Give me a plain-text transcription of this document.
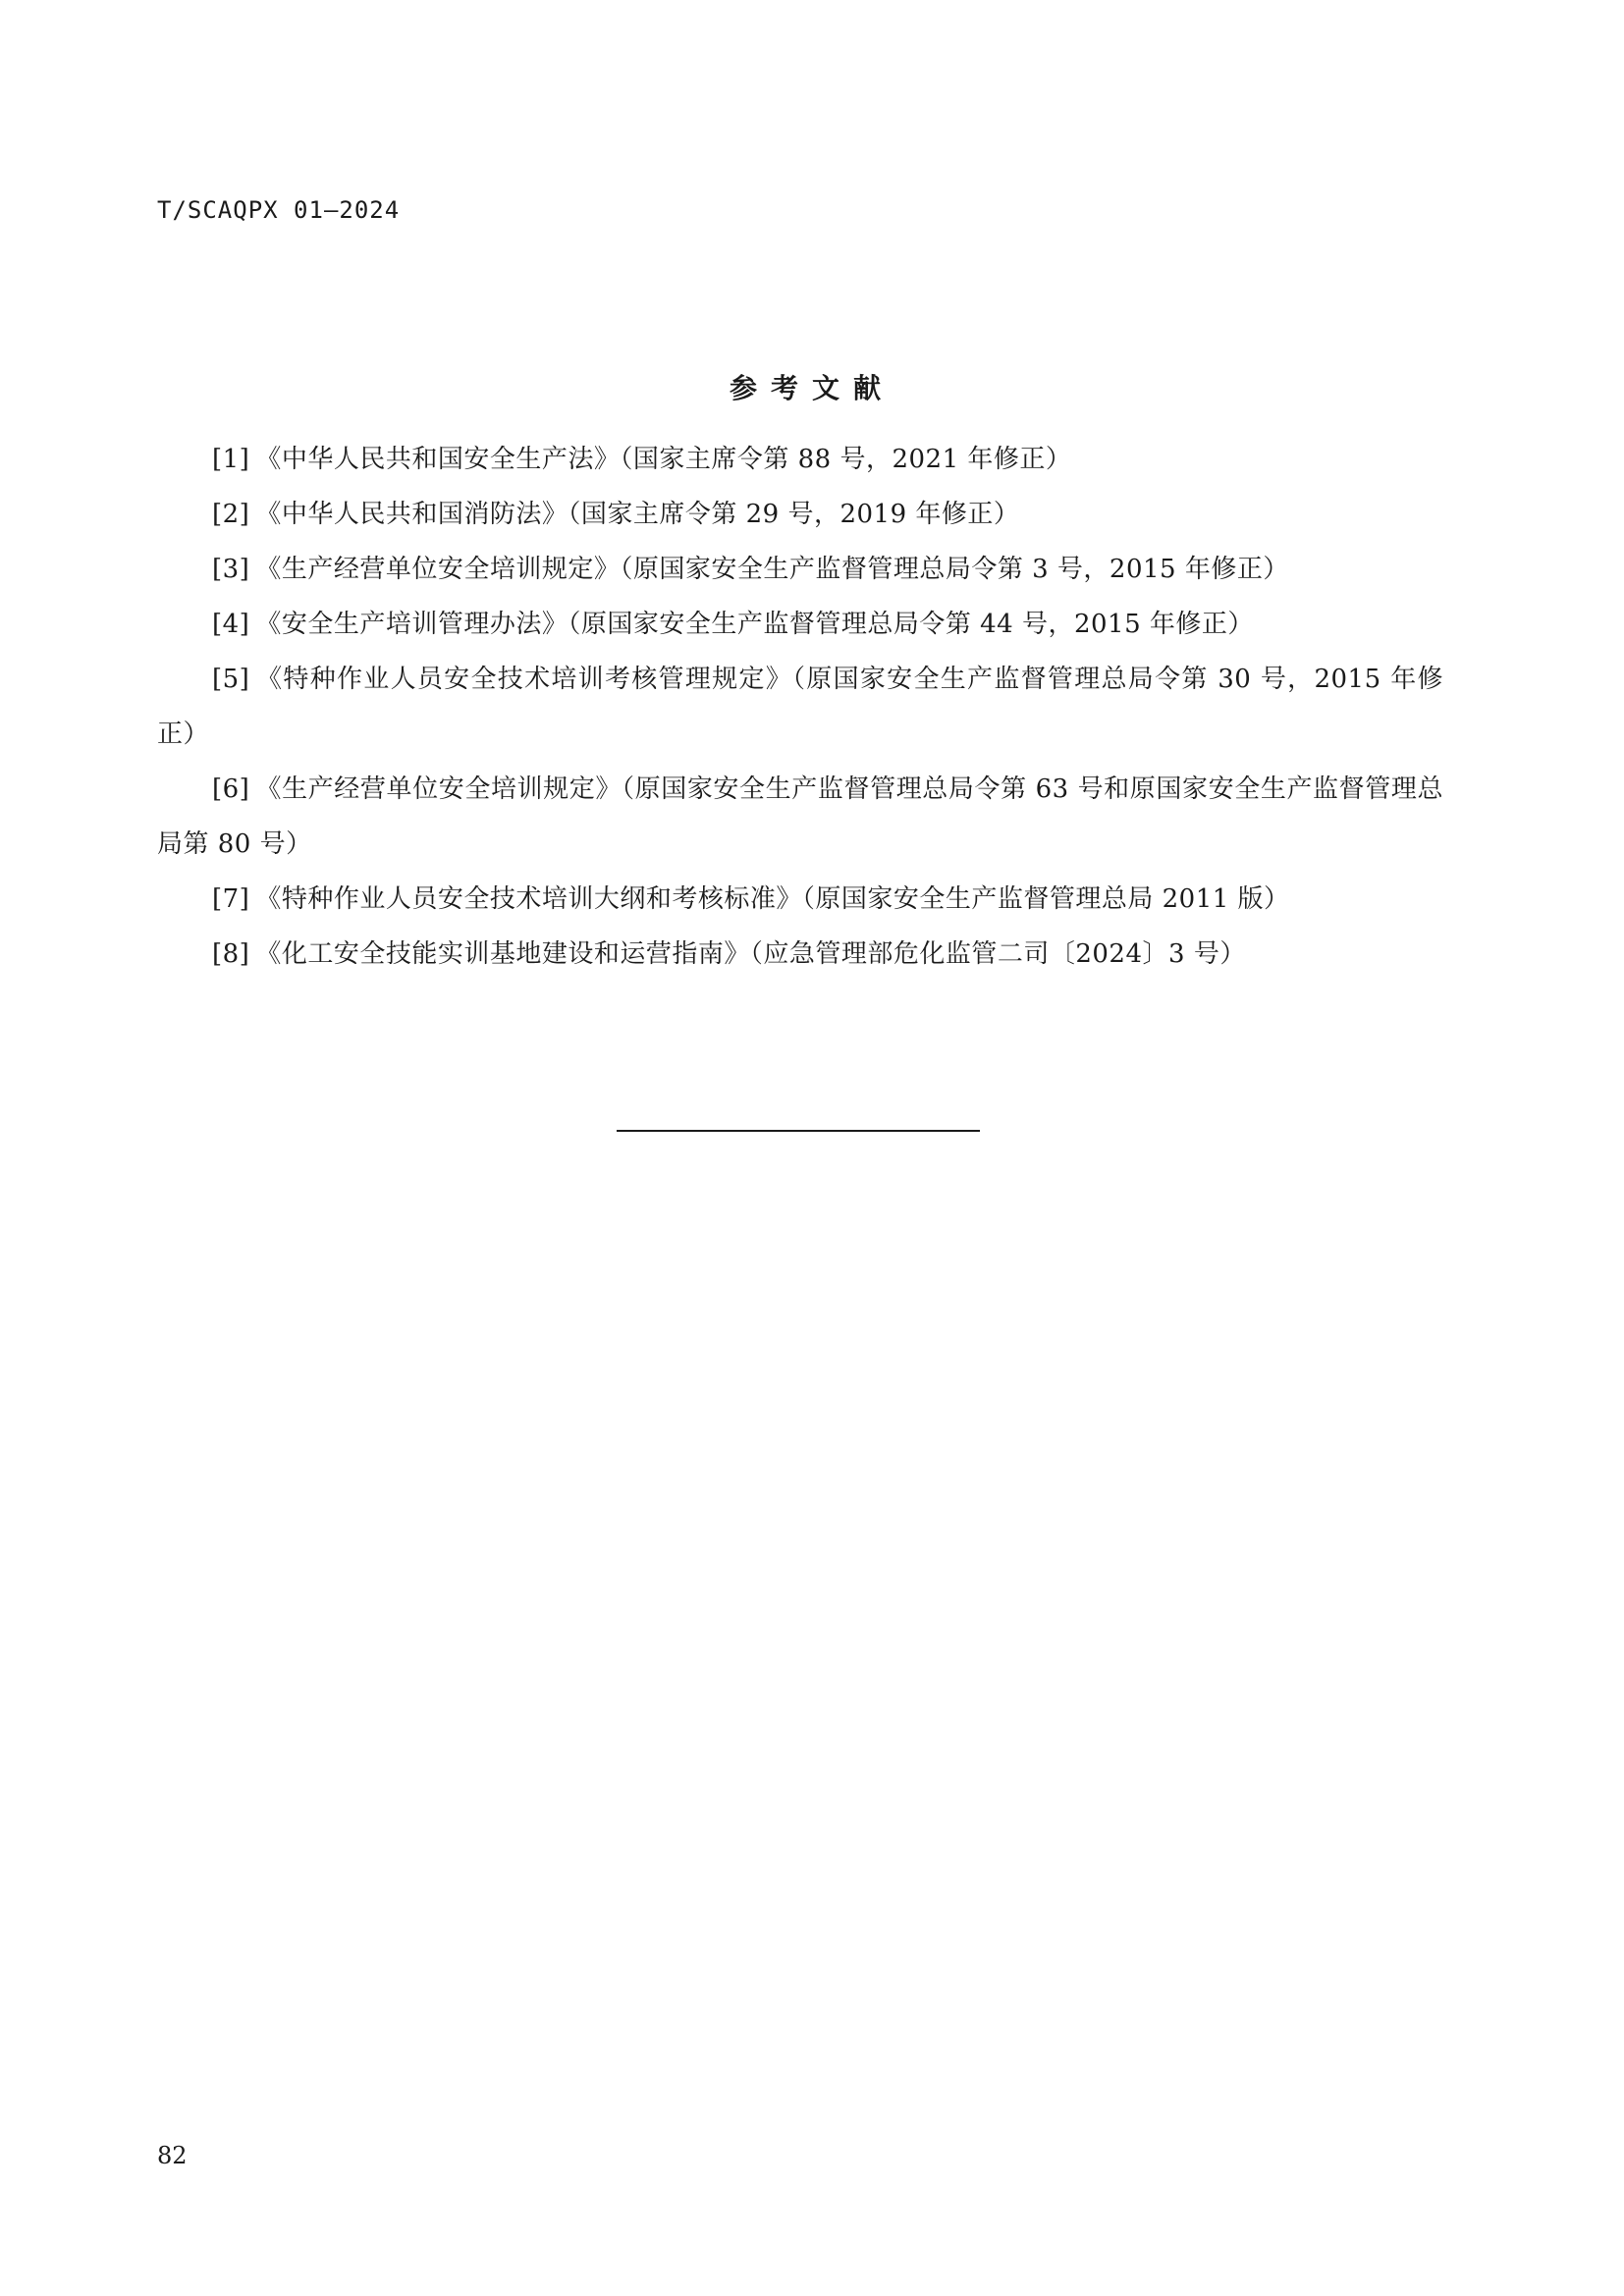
T/SCAQPX 01—2024
参考文献
[1] 《中华人民共和国安全生产法》（国家主席令第 88 号，2021 年修正）
[2] 《中华人民共和国消防法》（国家主席令第 29 号，2019 年修正）
[3] 《生产经营单位安全培训规定》（原国家安全生产监督管理总局令第 3 号，2015 年修正）
[4] 《安全生产培训管理办法》（原国家安全生产监督管理总局令第 44 号，2015 年修正）
[5] 《特种作业人员安全技术培训考核管理规定》（原国家安全生产监督管理总局令第 30 号，2015 年修正）
[6] 《生产经营单位安全培训规定》（原国家安全生产监督管理总局令第 63 号和原国家安全生产监督管理总局第 80 号）
[7] 《特种作业人员安全技术培训大纲和考核标准》（原国家安全生产监督管理总局 2011 版）
[8] 《化工安全技能实训基地建设和运营指南》（应急管理部危化监管二司〔2024〕3 号）
82
